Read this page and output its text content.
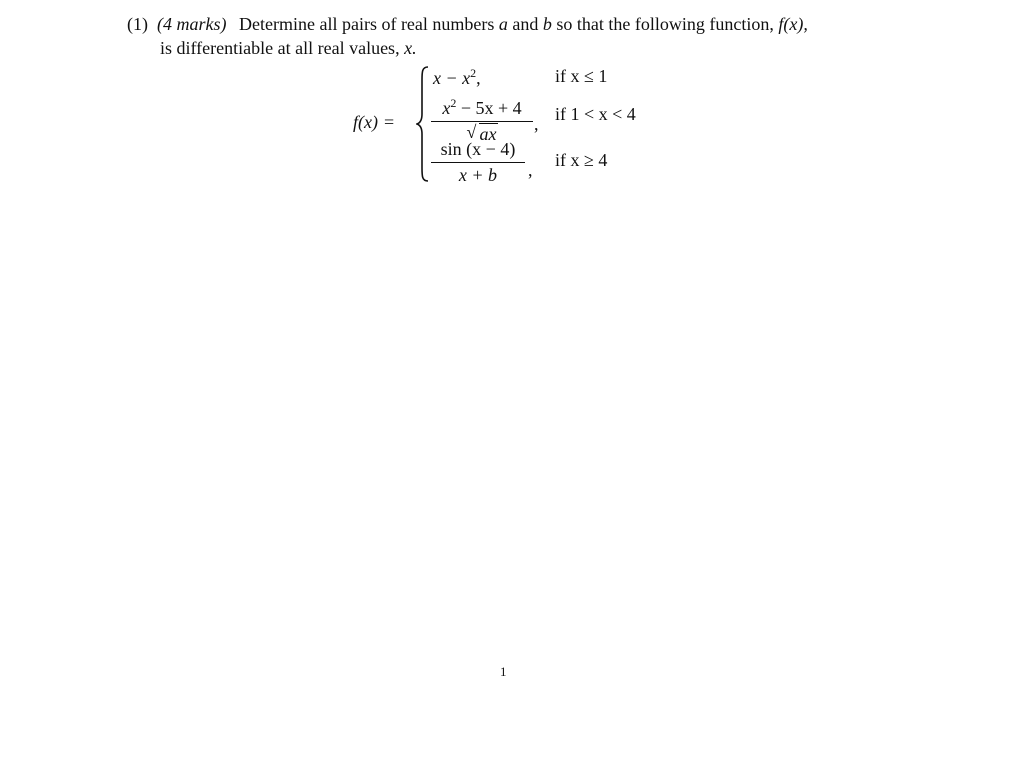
(1) (4 marks) Determine all pairs of real numbers a and b so that the following function, f(x),
is differentiable at all real values, x.
f(x) =
$x - x^2$,	if x ≤ 1
$x^2 - 5x + 4$
√ ax	, if 1 < x < 4
sin (x − 4)
x + b	, if x ≥ 4
1
